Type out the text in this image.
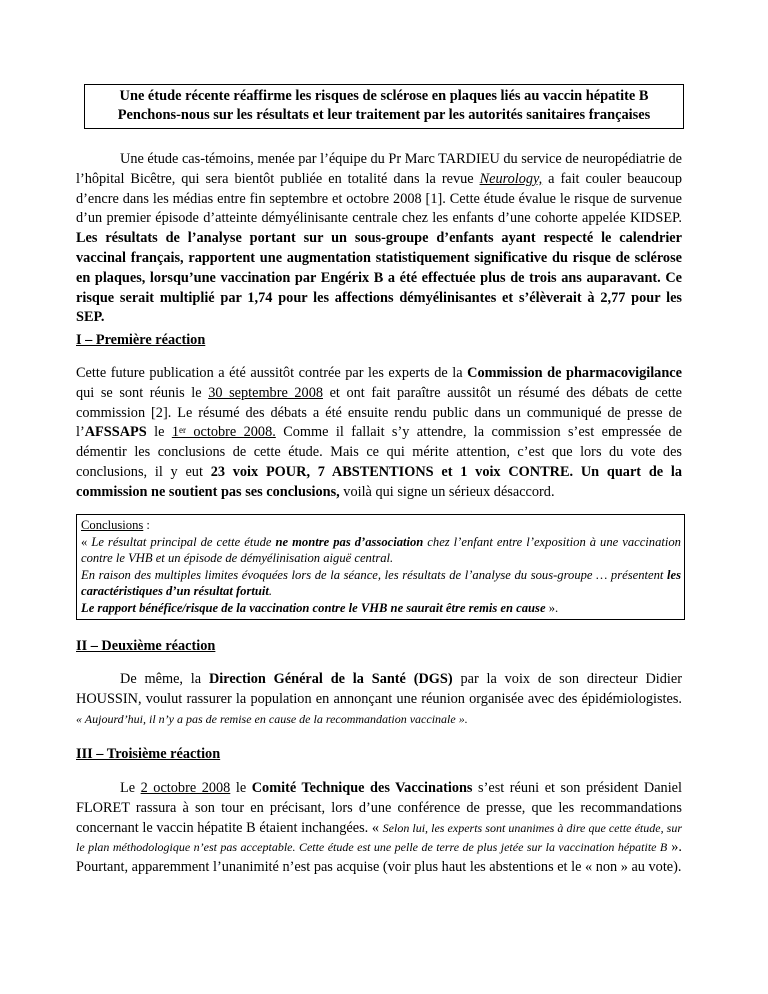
Une étude récente réaffirme les risques de sclérose en plaques liés au vaccin hépatite B
Penchons-nous sur les résultats et leur traitement par les autorités sanitaires françaises
Une étude cas-témoins, menée par l’équipe du Pr Marc TARDIEU du service de neuropédiatrie de l’hôpital Bicêtre, qui sera bientôt publiée en totalité dans la revue Neurology, a fait couler beaucoup d’encre dans les médias entre fin septembre et octobre 2008 [1]. Cette étude évalue le risque de survenue d’un premier épisode d’atteinte démyélinisante centrale chez les enfants d’une cohorte appelée KIDSEP. Les résultats de l’analyse portant sur un sous-groupe d’enfants ayant respecté le calendrier vaccinal français, rapportent une augmentation statistiquement significative du risque de sclérose en plaques, lorsqu’une vaccination par Engérix B a été effectuée plus de trois ans auparavant. Ce risque serait multiplié par 1,74 pour les affections démyélinisantes et s’élèverait à 2,77 pour les SEP.
I – Première réaction
Cette future publication a été aussitôt contrée par les experts de la Commission de pharmacovigilance qui se sont réunis le 30 septembre 2008 et ont fait paraître aussitôt un résumé des débats de cette commission [2]. Le résumé des débats a été ensuite rendu public dans un communiqué de presse de l’AFSSAPS le 1er octobre 2008. Comme il fallait s’y attendre, la commission s’est empressée de démentir les conclusions de cette étude. Mais ce qui mérite attention, c’est que lors du vote des conclusions, il y eut 23 voix POUR, 7 ABSTENTIONS et 1 voix CONTRE. Un quart de la commission ne soutient pas ses conclusions, voilà qui signe un sérieux désaccord.
Conclusions :
« Le résultat principal de cette étude ne montre pas d’association chez l’enfant entre l’exposition à une vaccination contre le VHB et un épisode de démyélinisation aiguë central.
En raison des multiples limites évoquées lors de la séance, les résultats de l’analyse du sous-groupe … présentent les caractéristiques d’un résultat fortuit.
Le rapport bénéfice/risque de la vaccination contre le VHB ne saurait être remis en cause ».
II – Deuxième réaction
De même, la Direction Général de la Santé (DGS) par la voix de son directeur Didier HOUSSIN, voulut rassurer la population en annonçant une réunion organisée avec des épidémiologistes. « Aujourd’hui, il n’y a pas de remise en cause de la recommandation vaccinale ».
III – Troisième réaction
Le 2 octobre 2008 le Comité Technique des Vaccinations s’est réuni et son président Daniel FLORET rassura à son tour en précisant, lors d’une conférence de presse, que les recommandations concernant le vaccin hépatite B étaient inchangées. « Selon lui, les experts sont unanimes à dire que cette étude, sur le plan méthodologique n’est pas acceptable. Cette étude est une pelle de terre de plus jetée sur la vaccination hépatite B ». Pourtant, apparemment l’unanimité n’est pas acquise (voir plus haut les abstentions et le « non » au vote).
